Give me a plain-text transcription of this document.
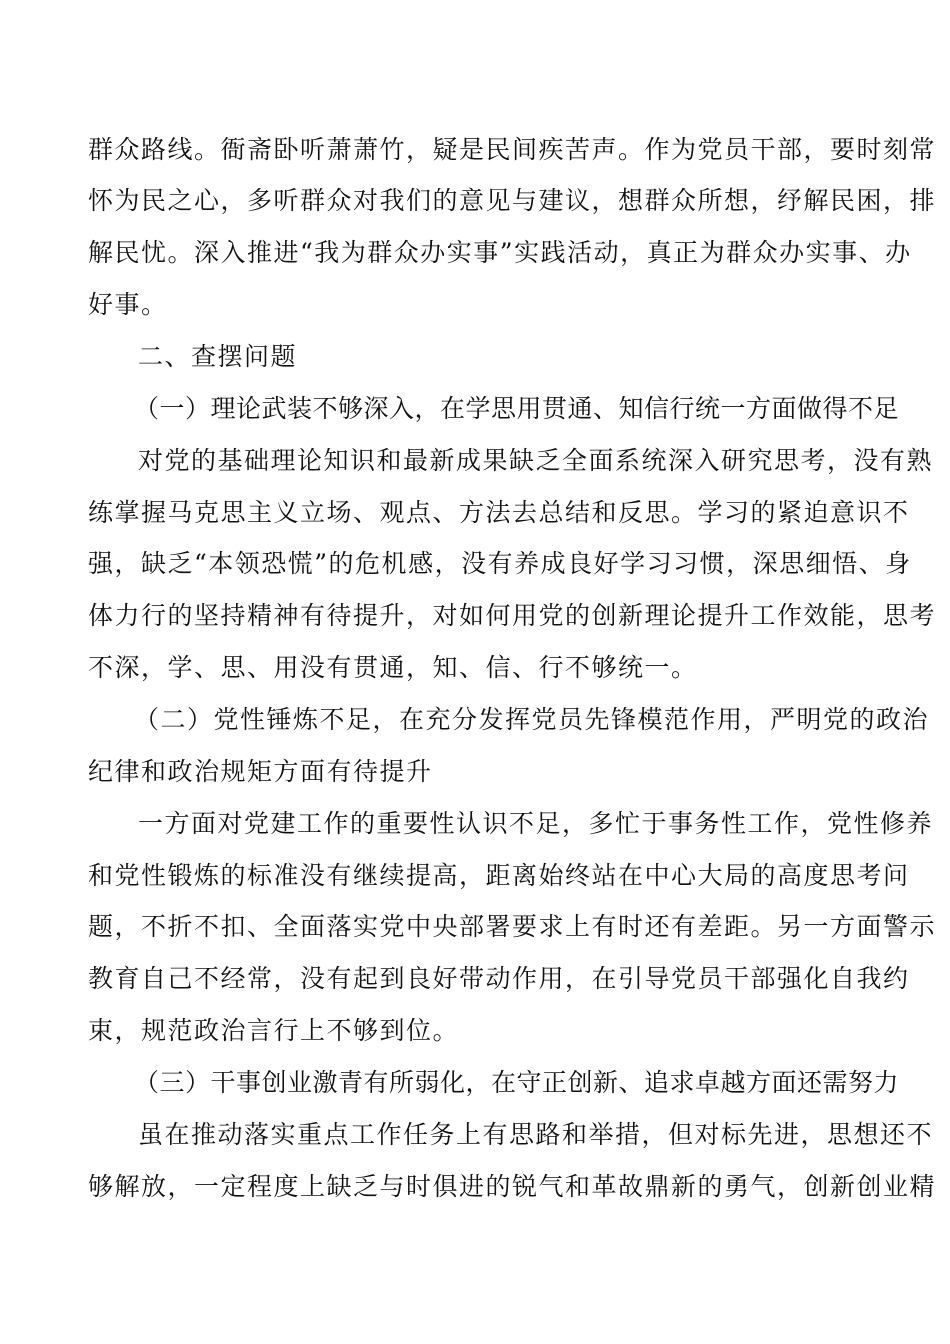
群众路线。衙斋卧听萧萧竹，疑是民间疾苦声。作为党员干部，要时刻常
怀为民之心，多听群众对我们的意见与建议，想群众所想，纾解民困，排
解民忧。深入推进“我为群众办实事”实践活动，真正为群众办实事、办
好事。
二、查摆问题
（一）理论武装不够深入，在学思用贯通、知信行统一方面做得不足
对党的基础理论知识和最新成果缺乏全面系统深入研究思考，没有熟
练掌握马克思主义立场、观点、方法去总结和反思。学习的紧迫意识不
强，缺乏“本领恐慌”的危机感，没有养成良好学习习惯，深思细悟、身
体力行的坚持精神有待提升，对如何用党的创新理论提升工作效能，思考
不深，学、思、用没有贯通，知、信、行不够统一。
（二）党性锤炼不足，在充分发挥党员先锋模范作用，严明党的政治
纪律和政治规矩方面有待提升
一方面对党建工作的重要性认识不足，多忙于事务性工作，党性修养
和党性锻炼的标准没有继续提高，距离始终站在中心大局的高度思考问
题，不折不扣、全面落实党中央部署要求上有时还有差距。另一方面警示
教育自己不经常，没有起到良好带动作用，在引导党员干部强化自我约
束，规范政治言行上不够到位。
（三）干事创业激青有所弱化，在守正创新、追求卓越方面还需努力
虽在推动落实重点工作任务上有思路和举措，但对标先进，思想还不
够解放，一定程度上缺乏与时俱进的锐气和革故鼎新的勇气，创新创业精
